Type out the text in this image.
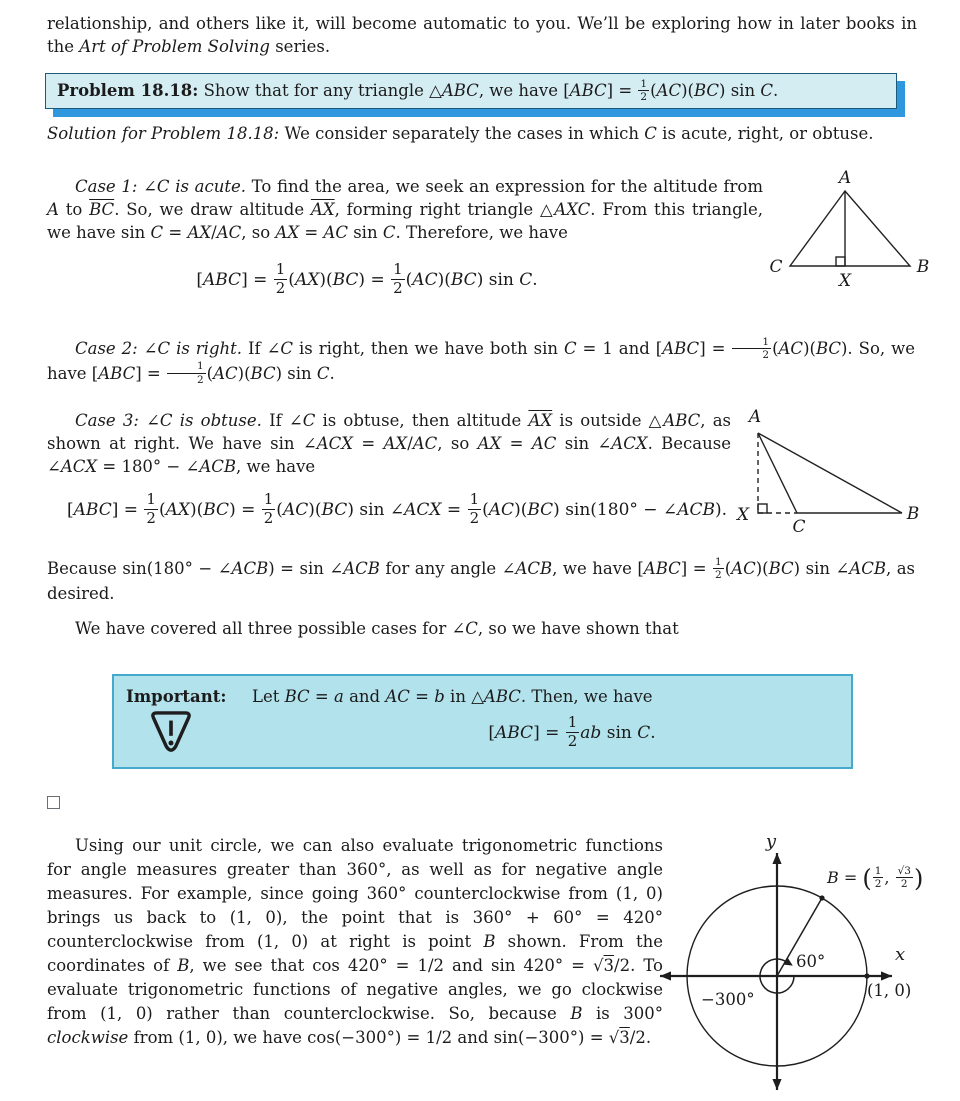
relationship, and others like it, will become automatic to you. We’ll be exploring how in later books in the Art of Problem Solving series.
Problem 18.18: Show that for any triangle △ABC, we have $[ABC] = \frac{1}{2} (AC)(BC)$ sin C.
Solution for Problem 18.18: We consider separately the cases in which C is acute, right, or obtuse.
Case 1: ∠C is acute. To find the area, we seek an expression for the altitude from A to $\overline{BC}$. So, we draw altitude $\overline{AX}$, forming right triangle △AXC. From this triangle, we have sin C = AX/AC, so AX = AC sin C. Therefore, we have
$[ABC] = \frac{1}{2} (AX)(BC) = \frac{1}{2} (AC)(BC)$ sin C.
A
C	B
X
Case 2: ∠C is right. If ∠C is right, then we have both sin C = 1 and $[ABC] = \frac{1}{2} (AC)(BC)$. So, we have $[ABC] = \frac{1}{2} (AC)(BC)$ sin C.
Case 3: ∠C is obtuse. If ∠C is obtuse, then altitude $\overline{AX}$ is outside △ABC, as shown at right. We have sin ∠ACX = AX/AC, so AX = AC sin ∠ACX. Because ∠ACX = 180° − ∠ACB, we have
$[ABC] = \frac{1}{2} (AX)(BC) = \frac{1}{2} (AC)(BC)$ sin ∠ACX = $\frac{1}{2} (AC)(BC) \sin(180^\circ$ − ∠ACB).
A
X
C
B
Because sin(180° − ∠ACB) = sin ∠ACB for any angle ∠ACB, we have $[ABC] = \frac{1}{2} (AC)(BC)$ sin ∠ACB, as desired.
We have covered all three possible cases for ∠C, so we have shown that
Important: Let BC = a and AC = b in △ABC. Then, we have
$[ABC] = \frac{1}{2}$ ab sin C.
Using our unit circle, we can also evaluate trigonometric functions for angle measures greater than 360°, as well as for negative angle measures. For example, since going 360° counterclockwise from (1, 0) brings us back to (1, 0), the point that is 360° + 60° = 420° counterclockwise from (1, 0) at right is point B shown. From the coordinates of B, we see that cos 420° = 1/2 and sin 420° = √3/2. To evaluate trigonometric functions of negative angles, we go clockwise from (1, 0) rather than counterclockwise. So, because B is 300° clockwise from (1, 0), we have cos(−300°) = 1/2 and sin(−300°) = √3/2.
y
x
(1, 0)
60°
−300°
B = ( $\frac{1}{2}$ , $\frac{√3}{2}$ )
